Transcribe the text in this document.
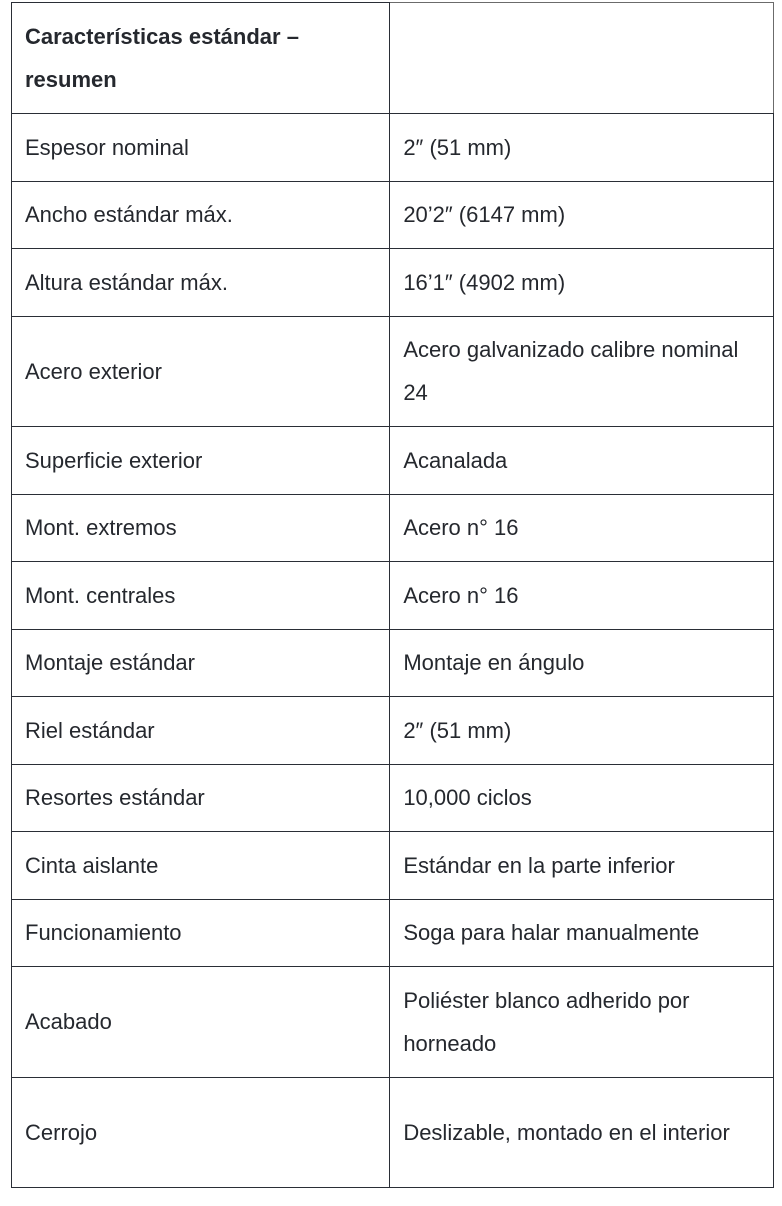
Características estándar – resumen	
Espesor nominal	2″ (51 mm)
Ancho estándar máx.	20’2″ (6147 mm)
Altura estándar máx.	16’1″ (4902 mm)
Acero exterior	Acero galvanizado calibre nominal 24
Superficie exterior	Acanalada
Mont. extremos	Acero n° 16
Mont. centrales	Acero n° 16
Montaje estándar	Montaje en ángulo
Riel estándar	2″ (51 mm)
Resortes estándar	10,000 ciclos
Cinta aislante	Estándar en la parte inferior
Funcionamiento	Soga para halar manualmente
Acabado	Poliéster blanco adherido por horneado
Cerrojo	Deslizable, montado en el interior
